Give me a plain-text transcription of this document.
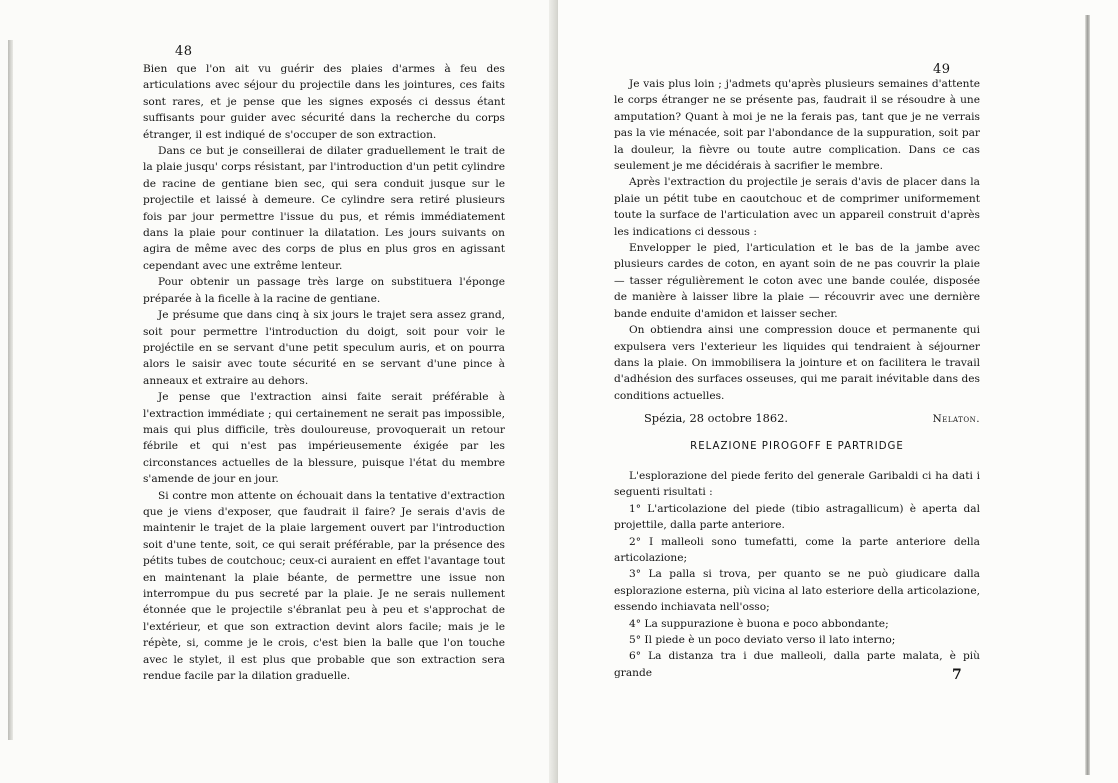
48

Bien que l'on ait vu guérir des plaies d'armes à feu des articulations avec séjour du projectile dans les jointures, ces faits sont rares, et je pense que les signes exposés ci dessus étant suffisants pour guider avec sécurité dans la recherche du corps étranger, il est indiqué de s'occuper de son extraction.

Dans ce but je conseillerai de dilater graduellement le trait de la plaie jusqu' corps résistant, par l'introduction d'un petit cylindre de racine de gentiane bien sec, qui sera conduit jusque sur le projectile et laissé à demeure. Ce cylindre sera retiré plusieurs fois par jour permettre l'issue du pus, et rémis immédiatement dans la plaie pour continuer la dilatation. Les jours suivants on agira de même avec des corps de plus en plus gros en agissant cependant avec une extrême lenteur.

Pour obtenir un passage très large on substituera l'éponge préparée à la ficelle à la racine de gentiane.

Je présume que dans cinq à six jours le trajet sera assez grand, soit pour permettre l'introduction du doigt, soit pour voir le projéctile en se servant d'une petit speculum auris, et on pourra alors le saisir avec toute sécurité en se servant d'une pince à anneaux et extraire au dehors.

Je pense que l'extraction ainsi faite serait préférable à l'extraction immédiate ; qui certainement ne serait pas impossible, mais qui plus difficile, très douloureuse, provoquerait un retour fébrile et qui n'est pas impérieusemente éxigée par les circonstances actuelles de la blessure, puisque l'état du membre s'amende de jour en jour.

Si contre mon attente on échouait dans la tentative d'extraction que je viens d'exposer, que faudrait il faire? Je serais d'avis de maintenir le trajet de la plaie largement ouvert par l'introduction soit d'une tente, soit, ce qui serait préférable, par la présence des pétits tubes de coutchouc; ceux-ci auraient en effet l'avantage tout en maintenant la plaie béante, de permettre une issue non interrompue du pus secreté par la plaie. Je ne serais nullement étonnée que le projectile s'ébranlat peu à peu et s'approchat de l'extérieur, et que son extraction devint alors facile; mais je le répète, si, comme je le crois, c'est bien la balle que l'on touche avec le stylet, il est plus que probable que son extraction sera rendue facile par la dilation graduelle.

49

Je vais plus loin ; j'admets qu'après plusieurs semaines d'attente le corps étranger ne se présente pas, faudrait il se résoudre à une amputation? Quant à moi je ne la ferais pas, tant que je ne verrais pas la vie ménacée, soit par l'abondance de la suppuration, soit par la douleur, la fièvre ou toute autre complication. Dans ce cas seulement je me décidérais à sacrifier le membre.

Après l'extraction du projectile je serais d'avis de placer dans la plaie un pétit tube en caoutchouc et de comprimer uniformement toute la surface de l'articulation avec un appareil construit d'après les indications ci dessous :

Envelopper le pied, l'articulation et le bas de la jambe avec plusieurs cardes de coton, en ayant soin de ne pas couvrir la plaie — tasser régulièrement le coton avec une bande coulée, disposée de manière à laisser libre la plaie — récouvrir avec une dernière bande enduite d'amidon et laisser secher.

On obtiendra ainsi une compression douce et permanente qui expulsera vers l'exterieur les liquides qui tendraient à séjourner dans la plaie. On immobilisera la jointure et on facilitera le travail d'adhésion des surfaces osseuses, qui me parait inévitable dans des conditions actuelles.

Spézia, 28 octobre 1862.	Nelaton.
RELAZIONE PIROGOFF E PARTRIDGE

L'esplorazione del piede ferito del generale Garibaldi ci ha dati i seguenti risultati :

1° L'articolazione del piede (tibio astragallicum) è aperta dal projettile, dalla parte anteriore.

2° I malleoli sono tumefatti, come la parte anteriore della articolazione;

3° La palla si trova, per quanto se ne può giudicare dalla esplorazione esterna, più vicina al lato esteriore della articolazione, essendo inchiavata nell'osso;

4° La suppurazione è buona e poco abbondante;

5° Il piede è un poco deviato verso il lato interno;

6° La distanza tra i due malleoli, dalla parte malata, è più grande	7
